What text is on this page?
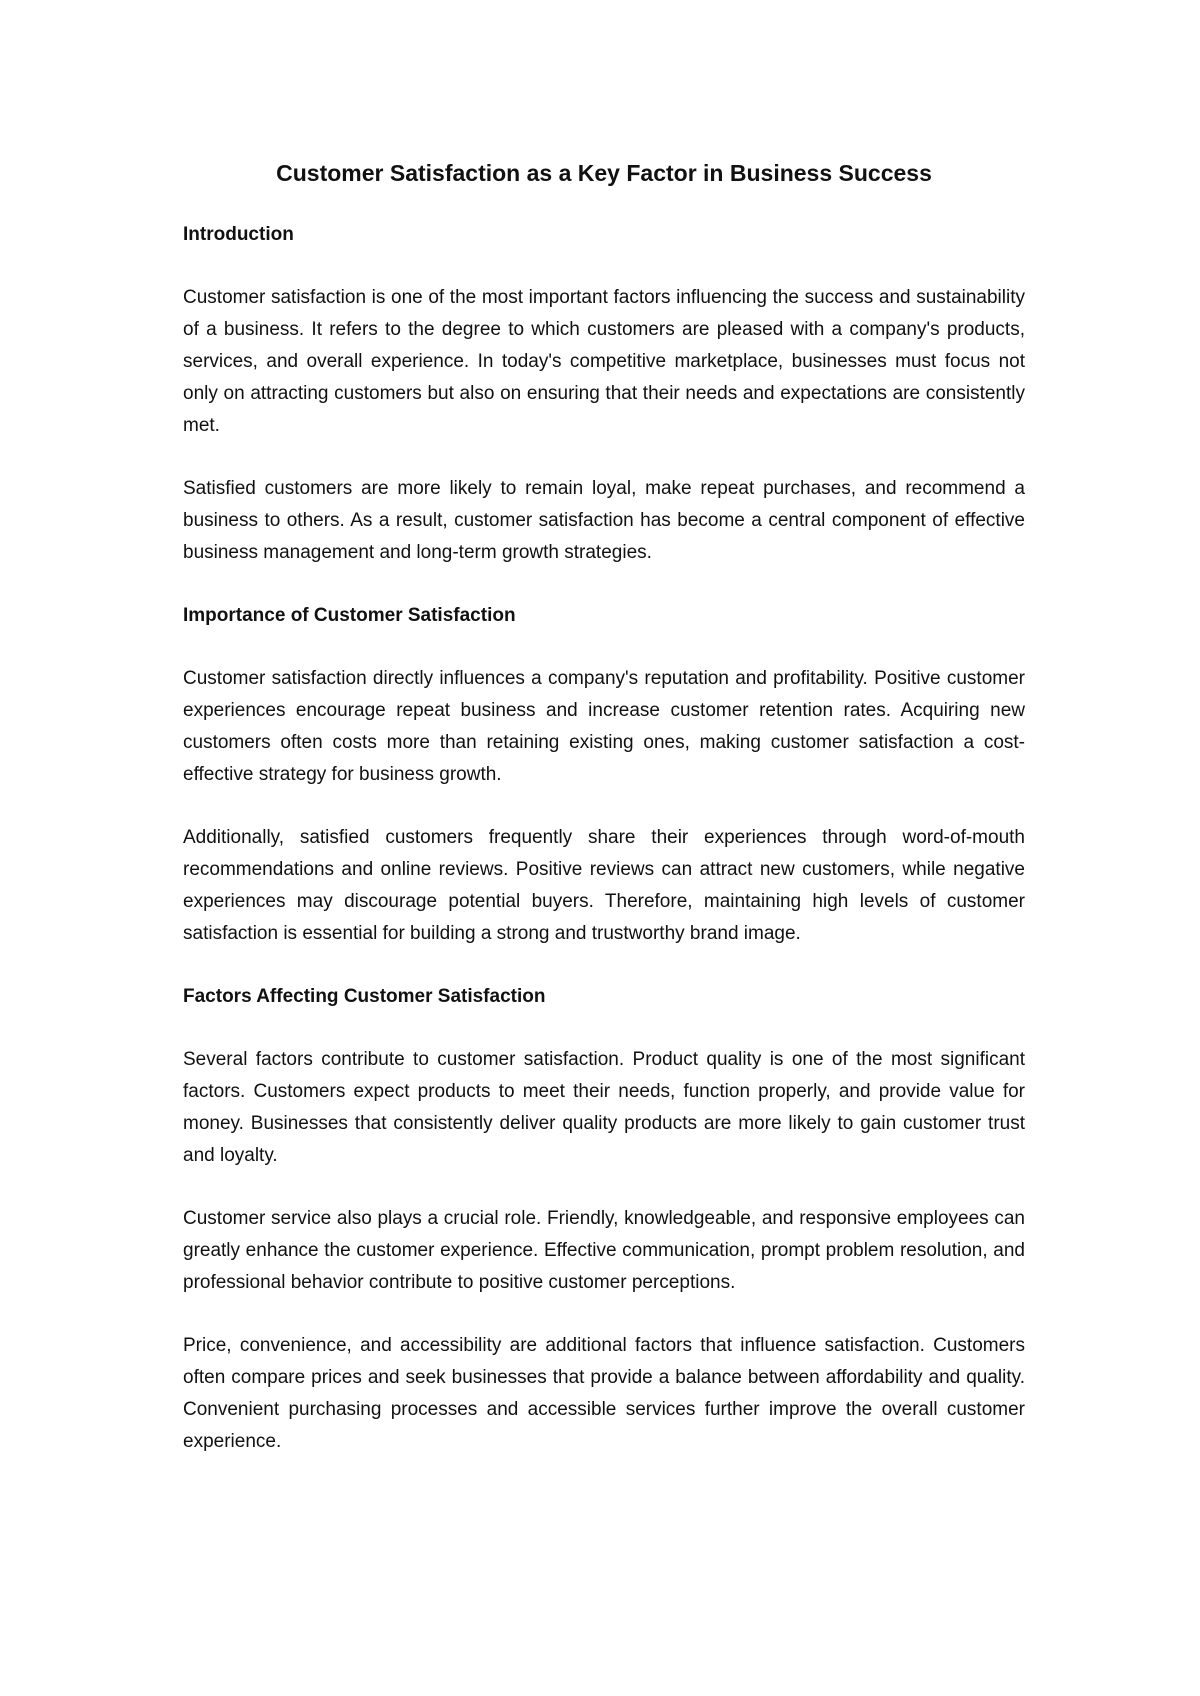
Customer Satisfaction as a Key Factor in Business Success
Introduction

Customer satisfaction is one of the most important factors influencing the success and sustainability of a business. It refers to the degree to which customers are pleased with a company's products, services, and overall experience. In today's competitive marketplace, businesses must focus not only on attracting customers but also on ensuring that their needs and expectations are consistently met.

Satisfied customers are more likely to remain loyal, make repeat purchases, and recommend a business to others. As a result, customer satisfaction has become a central component of effective business management and long-term growth strategies.

Importance of Customer Satisfaction

Customer satisfaction directly influences a company's reputation and profitability. Positive customer experiences encourage repeat business and increase customer retention rates. Acquiring new customers often costs more than retaining existing ones, making customer satisfaction a cost-effective strategy for business growth.

Additionally, satisfied customers frequently share their experiences through word-of-mouth recommendations and online reviews. Positive reviews can attract new customers, while negative experiences may discourage potential buyers. Therefore, maintaining high levels of customer satisfaction is essential for building a strong and trustworthy brand image.

Factors Affecting Customer Satisfaction

Several factors contribute to customer satisfaction. Product quality is one of the most significant factors. Customers expect products to meet their needs, function properly, and provide value for money. Businesses that consistently deliver quality products are more likely to gain customer trust and loyalty.

Customer service also plays a crucial role. Friendly, knowledgeable, and responsive employees can greatly enhance the customer experience. Effective communication, prompt problem resolution, and professional behavior contribute to positive customer perceptions.

Price, convenience, and accessibility are additional factors that influence satisfaction. Customers often compare prices and seek businesses that provide a balance between affordability and quality. Convenient purchasing processes and accessible services further improve the overall customer experience.
